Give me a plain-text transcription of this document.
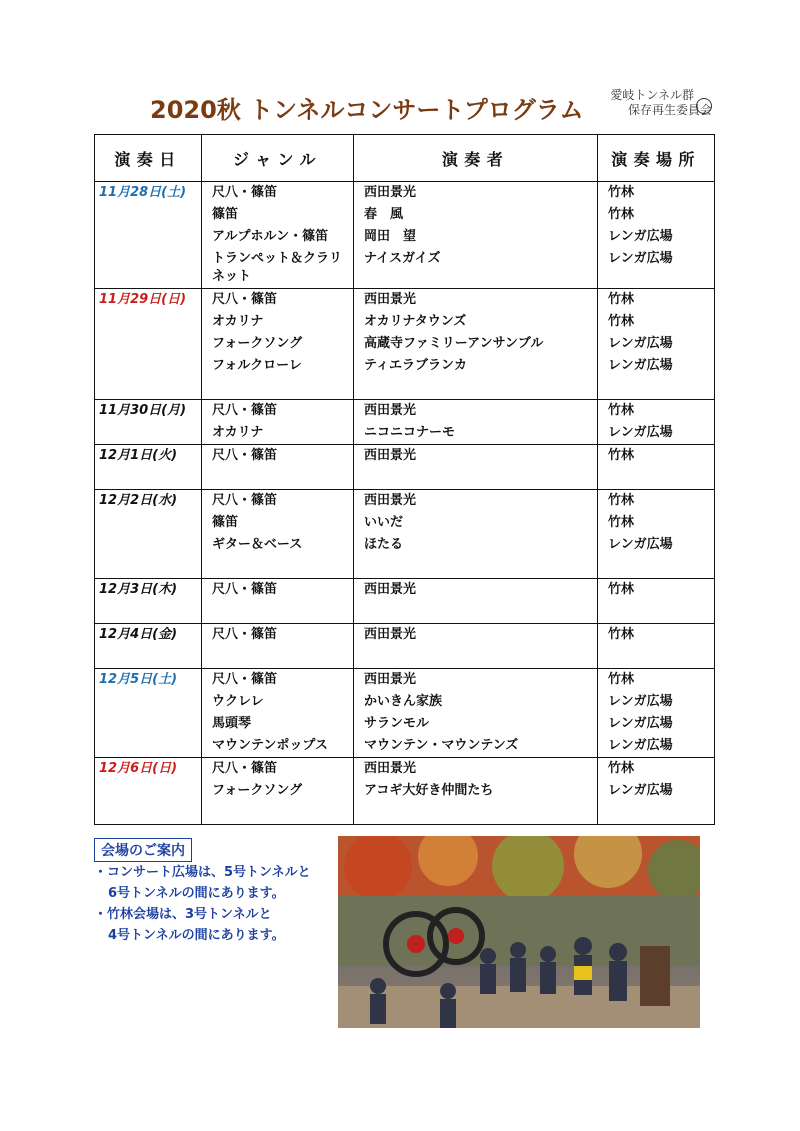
2020秋 トンネルコンサートプログラム
愛岐トンネル群
保存再生委員会
演奏日	ジャンル	演奏者	演奏場所
11月28日(土)	尺八・篠笛	西田景光	竹林
	篠笛	春　風	竹林
	アルプホルン・篠笛	岡田　望	レンガ広場
	トランペット＆クラリネット	ナイスガイズ	レンガ広場
11月29日(日)	尺八・篠笛	西田景光	竹林
	オカリナ	オカリナタウンズ	竹林
	フォークソング	高蔵寺ファミリーアンサンブル	レンガ広場
	フォルクローレ	ティエラブランカ	レンガ広場

11月30日(月)	尺八・篠笛	西田景光	竹林
	オカリナ	ニコニコナーモ	レンガ広場
12月1日(火)	尺八・篠笛	西田景光	竹林

12月2日(水)	尺八・篠笛	西田景光	竹林
	篠笛	いいだ	竹林
	ギター＆ベース	ほたる	レンガ広場

12月3日(木)	尺八・篠笛	西田景光	竹林

12月4日(金)	尺八・篠笛	西田景光	竹林

12月5日(土)	尺八・篠笛	西田景光	竹林
	ウクレレ	かいきん家族	レンガ広場
	馬頭琴	サランモル	レンガ広場
	マウンテンポップス	マウンテン・マウンテンズ	レンガ広場
12月6日(日)	尺八・篠笛	西田景光	竹林
	フォークソング	アコギ大好き仲間たち	レンガ広場

会場のご案内

・コンサート広場は、5号トンネルと

6号トンネルの間にあります。

・竹林会場は、3号トンネルと

4号トンネルの間にあります。
